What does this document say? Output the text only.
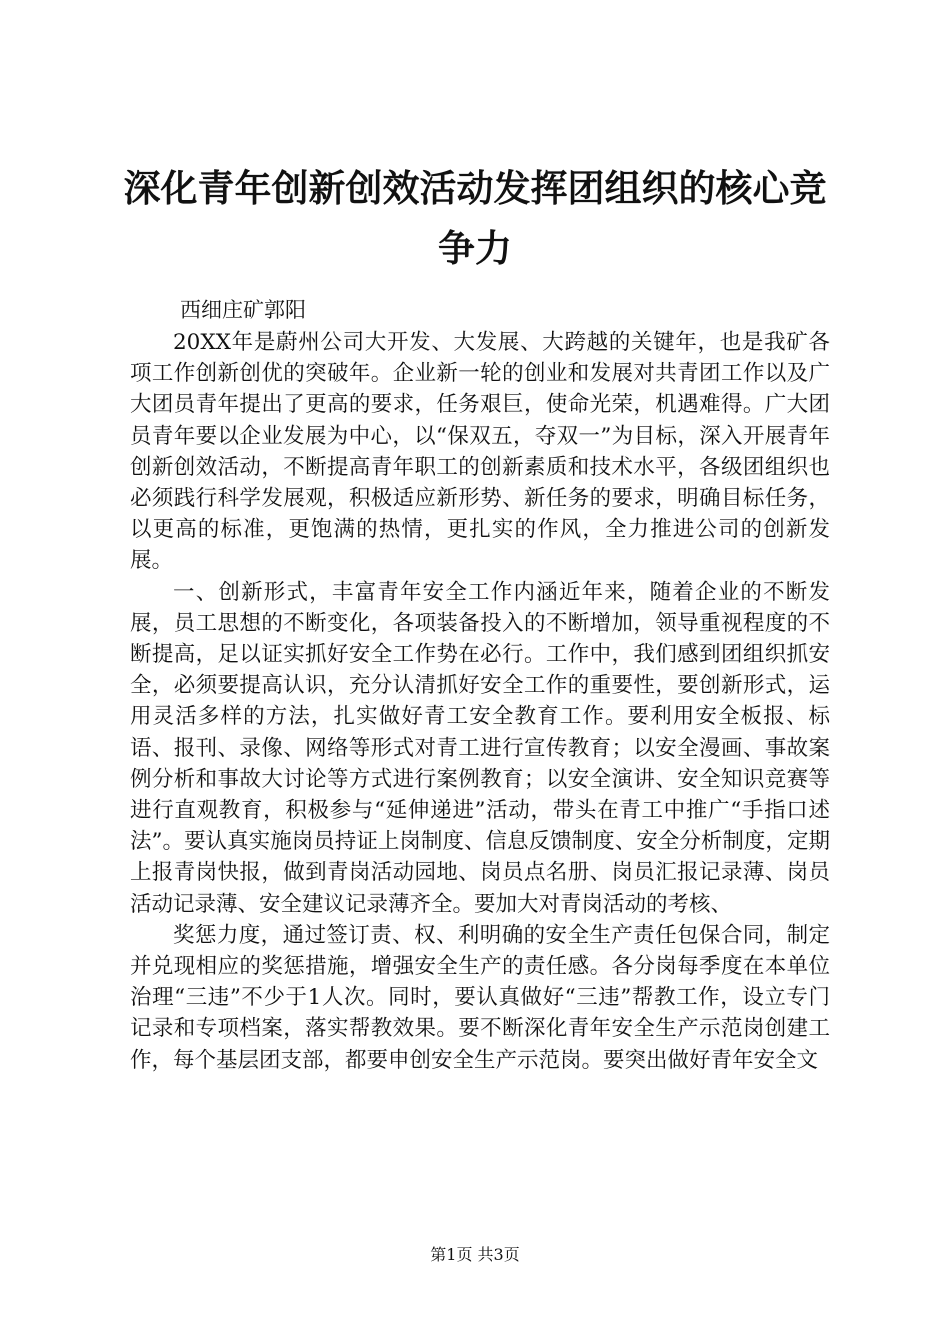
深化青年创新创效活动发挥团组织的核心竞争力

西细庄矿郭阳

20XX年是蔚州公司大开发、大发展、大跨越的关键年，也是我矿各项工作创新创优的突破年。企业新一轮的创业和发展对共青团工作以及广大团员青年提出了更高的要求，任务艰巨，使命光荣，机遇难得。广大团员青年要以企业发展为中心，以“保双五，夺双一”为目标，深入开展青年创新创效活动，不断提高青年职工的创新素质和技术水平，各级团组织也必须践行科学发展观，积极适应新形势、新任务的要求，明确目标任务，以更高的标准，更饱满的热情，更扎实的作风，全力推进公司的创新发展。

一、创新形式，丰富青年安全工作内涵近年来，随着企业的不断发展，员工思想的不断变化，各项装备投入的不断增加，领导重视程度的不断提高，足以证实抓好安全工作势在必行。工作中，我们感到团组织抓安全，必须要提高认识，充分认清抓好安全工作的重要性，要创新形式，运用灵活多样的方法，扎实做好青工安全教育工作。要利用安全板报、标语、报刊、录像、网络等形式对青工进行宣传教育；以安全漫画、事故案例分析和事故大讨论等方式进行案例教育；以安全演讲、安全知识竞赛等进行直观教育，积极参与“延伸递进”活动，带头在青工中推广“手指口述法”。要认真实施岗员持证上岗制度、信息反馈制度、安全分析制度，定期上报青岗快报，做到青岗活动园地、岗员点名册、岗员汇报记录薄、岗员活动记录薄、安全建议记录薄齐全。要加大对青岗活动的考核、

奖惩力度，通过签订责、权、利明确的安全生产责任包保合同，制定并兑现相应的奖惩措施，增强安全生产的责任感。各分岗每季度在本单位治理“三违”不少于1人次。同时，要认真做好“三违”帮教工作，设立专门记录和专项档案，落实帮教效果。要不断深化青年安全生产示范岗创建工作，每个基层团支部，都要申创安全生产示范岗。要突出做好青年安全文

第1页 共3页
